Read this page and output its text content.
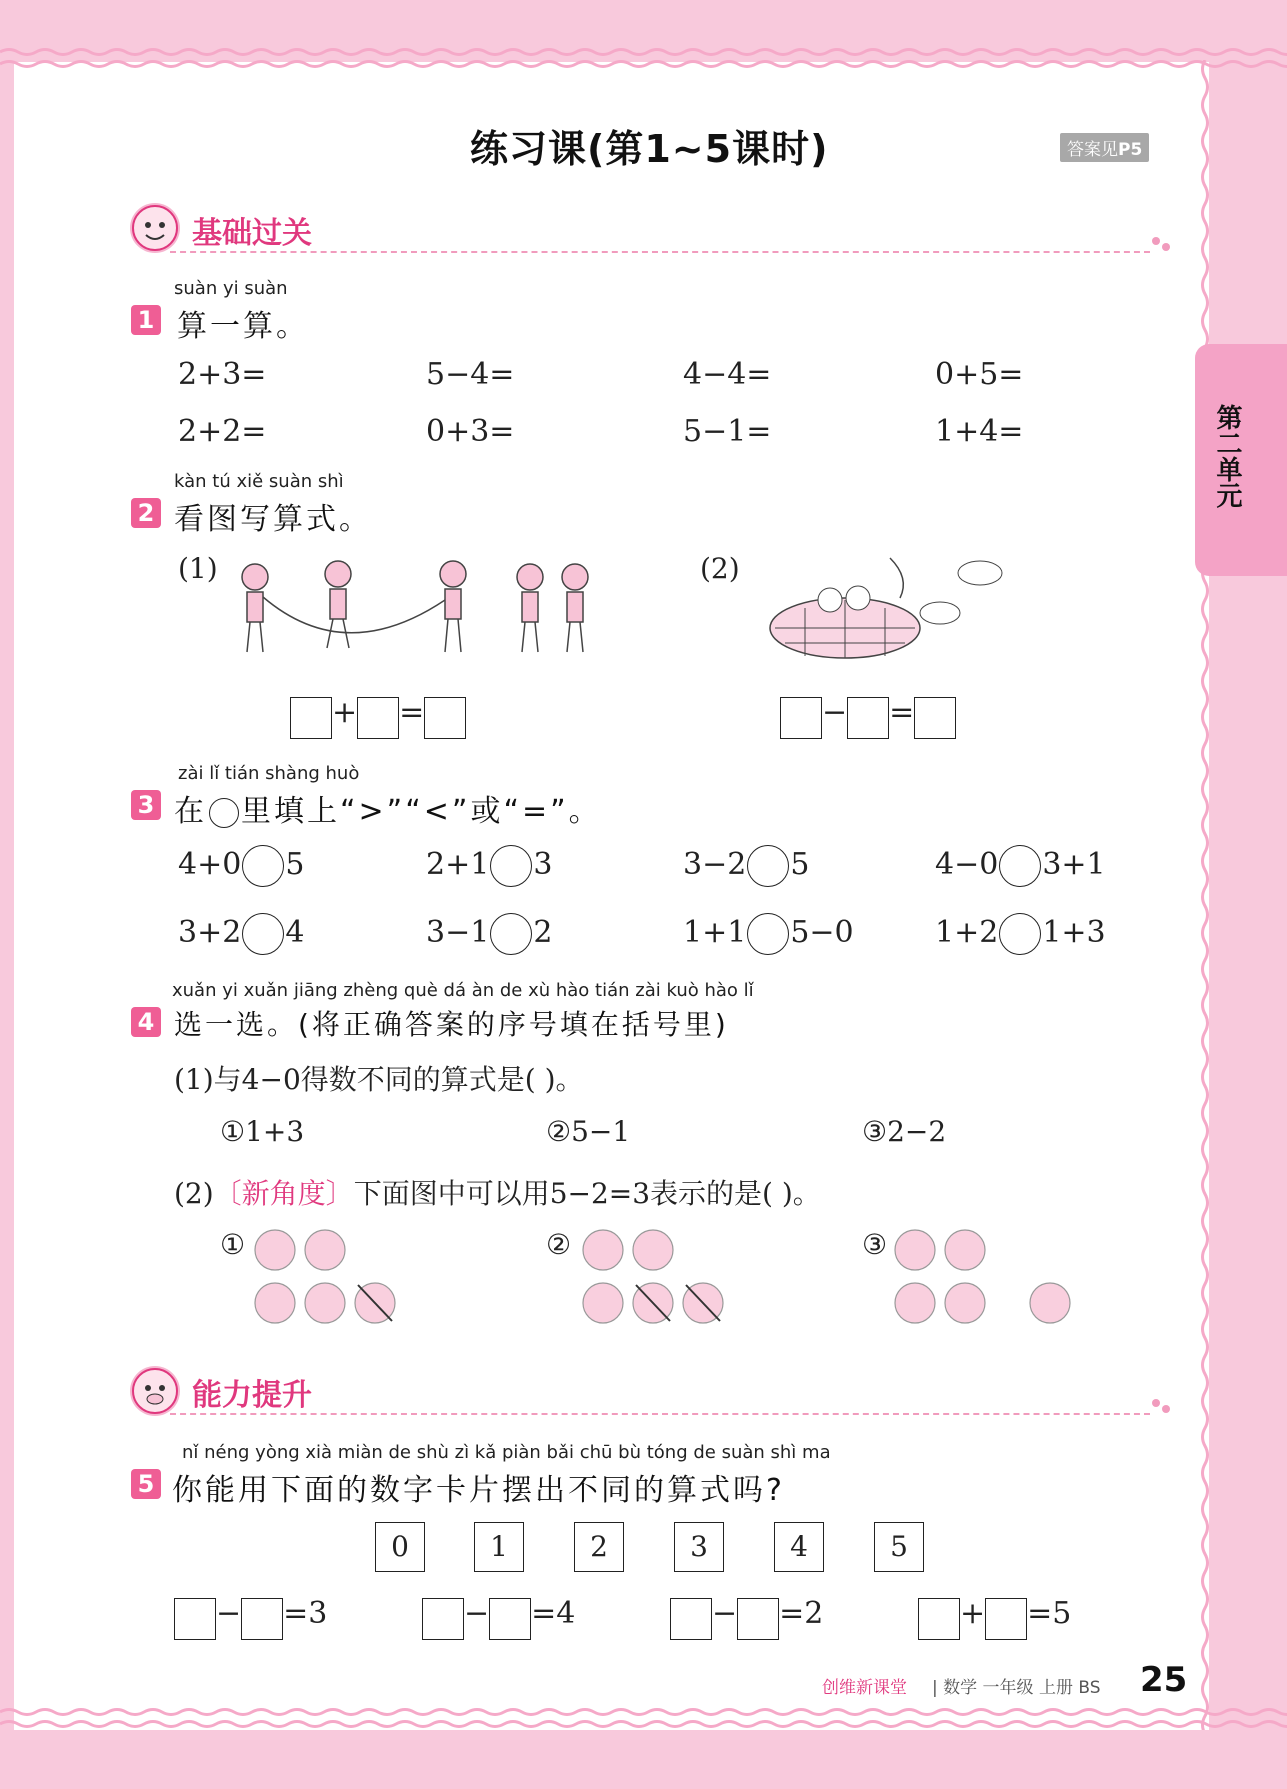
练习课(第1~5课时)	答案见P5
第二单元
基础过关
suàn yi suàn
1 算一算。
2+3=	5−4=	4−4=	0+5=
2+2=	0+3=	5−1=	1+4=
kàn tú xiě suàn shì
2 看图写算式。
(1)
+ =
(2)
− =
zài lǐ tián shàng huò
3 在 里填上“>”“<”或“=”。
4+0 5	2+1 3	3−2 5	4−0 3+1
3+2 4	3−1 2	1+1 5−0	1+2 1+3
xuǎn yi xuǎn jiāng zhèng què dá àn de xù hào tián zài kuò hào lǐ
4 选一选。(将正确答案的序号填在括号里)
(1)与4−0得数不同的算式是( )。
①1+3	②5−1	③2−2
(2)〔新角度〕下面图中可以用5−2=3表示的是( )。
①	②	③
能力提升
nǐ néng yòng xià miàn de shù zì kǎ piàn bǎi chū bù tóng de suàn shì ma
5 你能用下面的数字卡片摆出不同的算式吗?
0	1	2	3	4	5
− =3	− =4	− =2	+ =5
创维新课堂 | 数学 一年级 上册 BS 25
